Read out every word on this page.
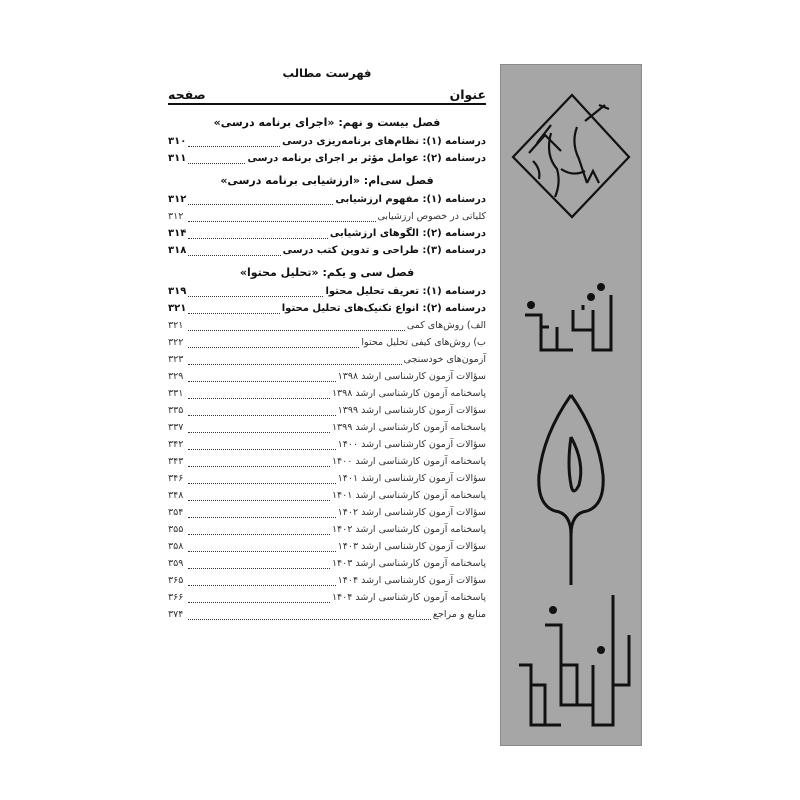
فهرست مطالب
عنوان
صفحه
فصل بیست و نهم: «اجرای برنامه درسی»
درسنامه (۱): نظام‌های برنامه‌ریزی درسی
۳۱۰
درسنامه (۲): عوامل مؤثر بر اجرای برنامه درسی
۳۱۱
فصل سی‌ام: «ارزشیابی برنامه درسی»
درسنامه (۱): مفهوم ارزشیابی
۳۱۲
کلیاتی در خصوص ارزشیابی
۳۱۲
درسنامه (۲): الگوهای ارزشیابی
۳۱۴
درسنامه (۳): طراحی و تدوین کتب درسی
۳۱۸
فصل سی و یکم: «تحلیل محتوا»
درسنامه (۱): تعریف تحلیل محتوا
۳۱۹
درسنامه (۲): انواع تکنیک‌های تحلیل محتوا
۳۲۱
الف) روش‌های کمی
۳۲۱
ب) روش‌های کیفی تحلیل محتوا
۳۲۲
آزمون‌های خودسنجی
۳۲۳
سؤالات آزمون کارشناسی ارشد ۱۳۹۸
۳۲۹
پاسخنامه آزمون کارشناسی ارشد ۱۳۹۸
۳۳۱
سؤالات آزمون کارشناسی ارشد ۱۳۹۹
۳۳۵
پاسخنامه آزمون کارشناسی ارشد ۱۳۹۹
۳۳۷
سؤالات آزمون کارشناسی ارشد ۱۴۰۰
۳۴۲
پاسخنامه آزمون کارشناسی ارشد ۱۴۰۰
۳۴۳
سؤالات آزمون کارشناسی ارشد ۱۴۰۱
۳۴۶
پاسخنامه آزمون کارشناسی ارشد ۱۴۰۱
۳۴۸
سؤالات آزمون کارشناسی ارشد ۱۴۰۲
۳۵۴
پاسخنامه آزمون کارشناسی ارشد ۱۴۰۲
۳۵۵
سؤالات آزمون کارشناسی ارشد ۱۴۰۳
۳۵۸
پاسخنامه آزمون کارشناسی ارشد ۱۴۰۳
۳۵۹
سؤالات آزمون کارشناسی ارشد ۱۴۰۴
۳۶۵
پاسخنامه آزمون کارشناسی ارشد ۱۴۰۴
۳۶۶
منابع و مراجع
۳۷۴
